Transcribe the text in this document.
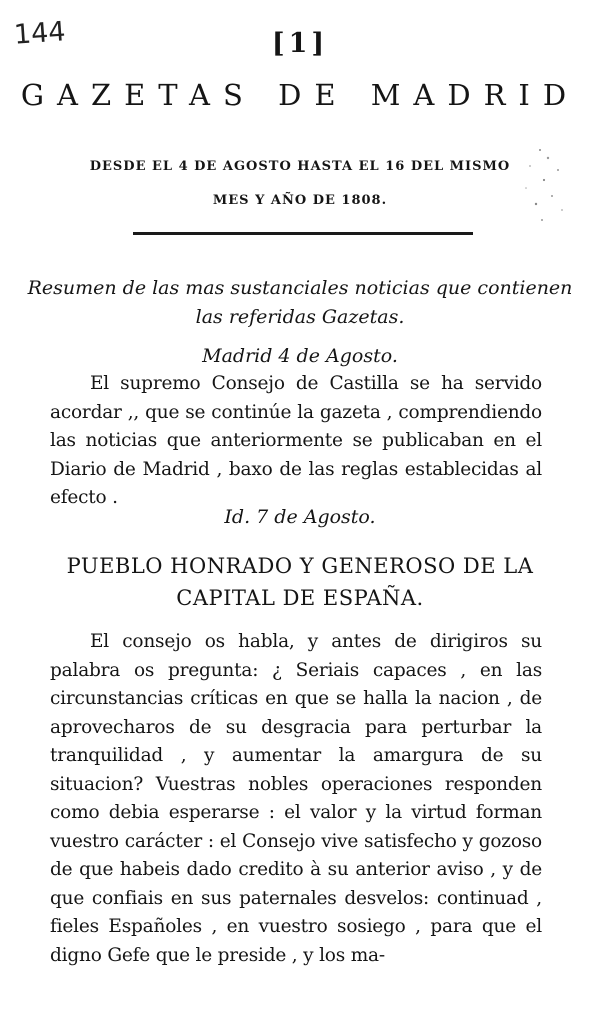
144	[1]
GAZETAS DE MADRID
DESDE EL 4 DE AGOSTO HASTA EL 16 DEL MISMO
MES Y AÑO DE 1808.
Resumen de las mas sustanciales noticias que contienen
las referidas Gazetas.
Madrid 4 de Agosto.
El supremo Consejo de Castilla se ha servido acordar ,, que se continúe la gazeta , comprendiendo las noticias que anteriormente se publicaban en el Diario de Madrid , baxo de las reglas establecidas al efecto .
Id. 7 de Agosto.
PUEBLO HONRADO Y GENEROSO DE LA
CAPITAL DE ESPAÑA.
El consejo os habla, y antes de dirigiros su palabra os pregunta: ¿ Seriais capaces , en las circunstancias críticas en que se halla la nacion , de aprovecharos de su desgracia para perturbar la tranquilidad , y aumentar la amargura de su situacion? Vuestras nobles operaciones responden como debia esperarse : el valor y la virtud forman vuestro carácter : el Consejo vive satisfecho y gozoso de que habeis dado credito à su anterior aviso , y de que confiais en sus paternales desvelos: continuad , fieles Españoles , en vuestro sosiego , para que el digno Gefe que le preside , y los ma-
